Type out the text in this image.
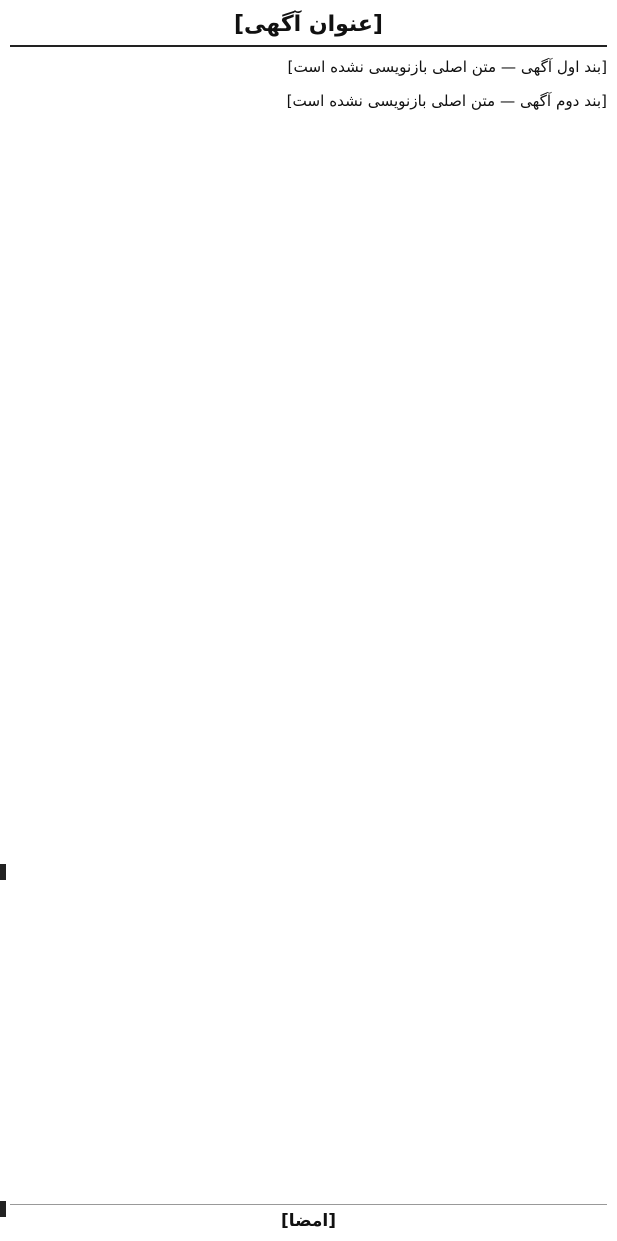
[عنوان آگهی]

[بند اول آگهی — متن اصلی بازنویسی نشده است]

[بند دوم آگهی — متن اصلی بازنویسی نشده است]

[امضا]
